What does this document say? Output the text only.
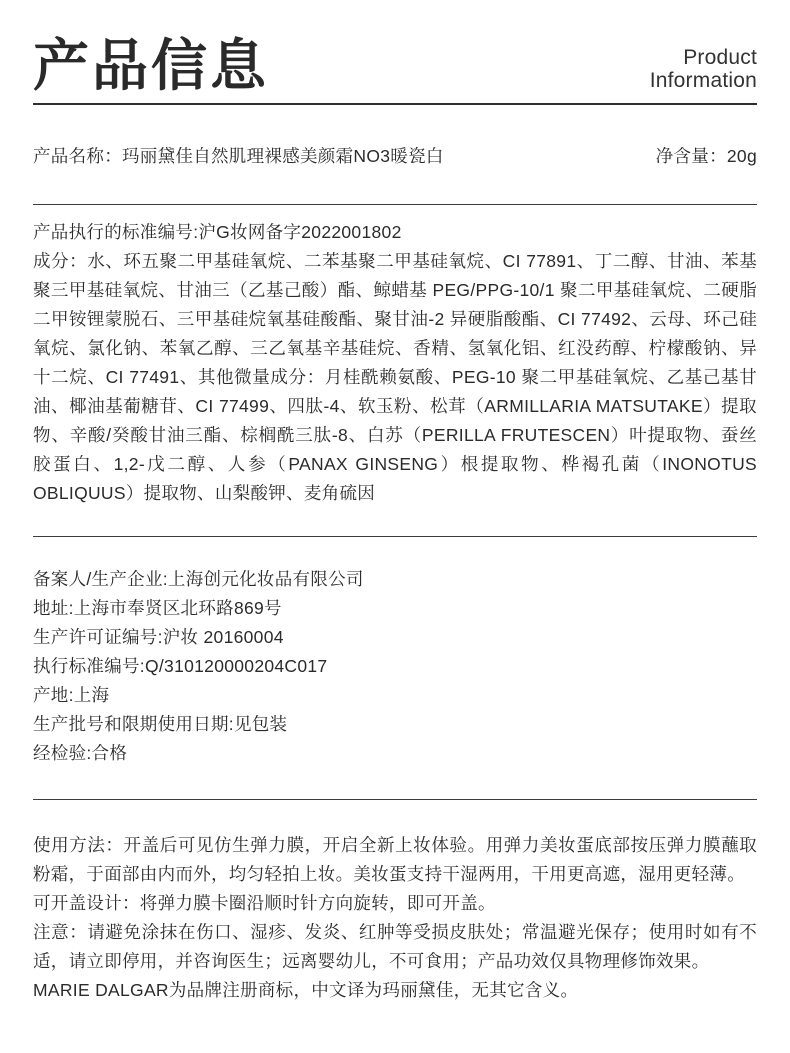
产品信息	Product
Information
产品名称：玛丽黛佳自然肌理裸感美颜霜NO3暖瓷白	净含量：20g

产品执行的标准编号:沪G妆网备字2022001802

成分：水、环五聚二甲基硅氧烷、二苯基聚二甲基硅氧烷、CI 77891、丁二醇、甘油、苯基聚三甲基硅氧烷、甘油三（乙基己酸）酯、鲸蜡基 PEG/PPG-10/1 聚二甲基硅氧烷、二硬脂二甲铵锂蒙脱石、三甲基硅烷氧基硅酸酯、聚甘油-2 异硬脂酸酯、CI 77492、云母、环己硅氧烷、氯化钠、苯氧乙醇、三乙氧基辛基硅烷、香精、氢氧化铝、红没药醇、柠檬酸钠、异十二烷、CI 77491、其他微量成分：月桂酰赖氨酸、PEG-10 聚二甲基硅氧烷、乙基己基甘油、椰油基葡糖苷、CI 77499、四肽-4、软玉粉、松茸（ARMILLARIA MATSUTAKE）提取物、辛酸/癸酸甘油三酯、棕榈酰三肽-8、白苏（PERILLA FRUTESCEN）叶提取物、蚕丝胶蛋白、1,2-戊二醇、人参（PANAX GINSENG）根提取物、桦褐孔菌（INONOTUS OBLIQUUS）提取物、山梨酸钾、麦角硫因

备案人/生产企业:上海创元化妆品有限公司

地址:上海市奉贤区北环路869号

生产许可证编号:沪妆 20160004

执行标准编号:Q/310120000204C017

产地:上海

生产批号和限期使用日期:见包装

经检验:合格

使用方法：开盖后可见仿生弹力膜，开启全新上妆体验。用弹力美妆蛋底部按压弹力膜蘸取粉霜，于面部由内而外，均匀轻拍上妆。美妆蛋支持干湿两用，干用更高遮，湿用更轻薄。

可开盖设计：将弹力膜卡圈沿顺时针方向旋转，即可开盖。

注意：请避免涂抹在伤口、湿疹、发炎、红肿等受损皮肤处；常温避光保存；使用时如有不适，请立即停用，并咨询医生；远离婴幼儿，不可食用；产品功效仅具物理修饰效果。

MARIE DALGAR为品牌注册商标，中文译为玛丽黛佳，无其它含义。
